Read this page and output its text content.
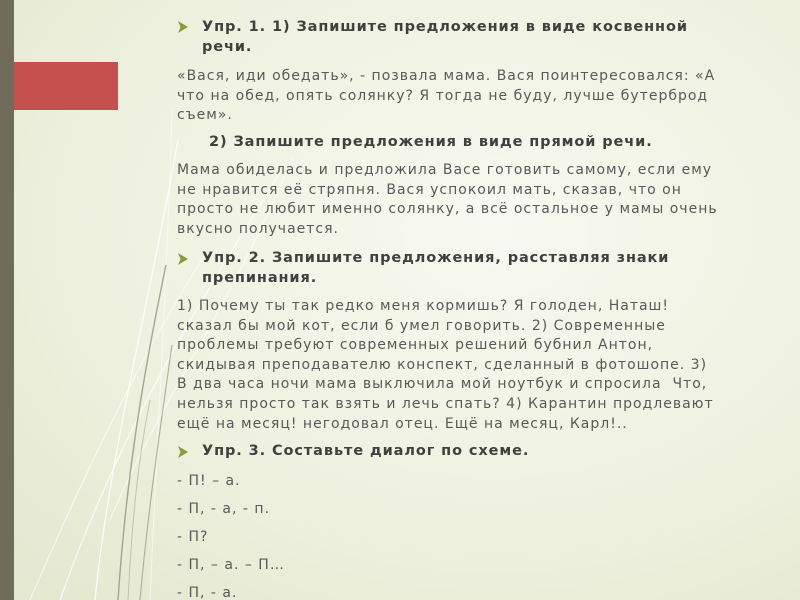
Упр. 1. 1) Запишите предложения в виде косвенной
речи.
«Вася, иди обедать», - позвала мама. Вася поинтересовался: «А
что на обед, опять солянку? Я тогда не буду, лучше бутерброд
съем».
2) Запишите предложения в виде прямой речи.
Мама обиделась и предложила Васе готовить самому, если ему
не нравится её стряпня. Вася успокоил мать, сказав, что он
просто не любит именно солянку, а всё остальное у мамы очень
вкусно получается.
Упр. 2. Запишите предложения, расставляя знаки
препинания.
1) Почему ты так редко меня кормишь? Я голоден, Наташ!
сказал бы мой кот, если б умел говорить. 2) Современные
проблемы требуют современных решений бубнил Антон,
скидывая преподавателю конспект, сделанный в фотошопе. 3)
В два часа ночи мама выключила мой ноутбук и спросила  Что,
нельзя просто так взять и лечь спать? 4) Карантин продлевают
ещё на месяц! негодовал отец. Ещё на месяц, Карл!..
Упр. 3. Составьте диалог по схеме.
- П! – а.
- П, - а, - п.
- П?
- П, – а. – П…
- П, - а.
